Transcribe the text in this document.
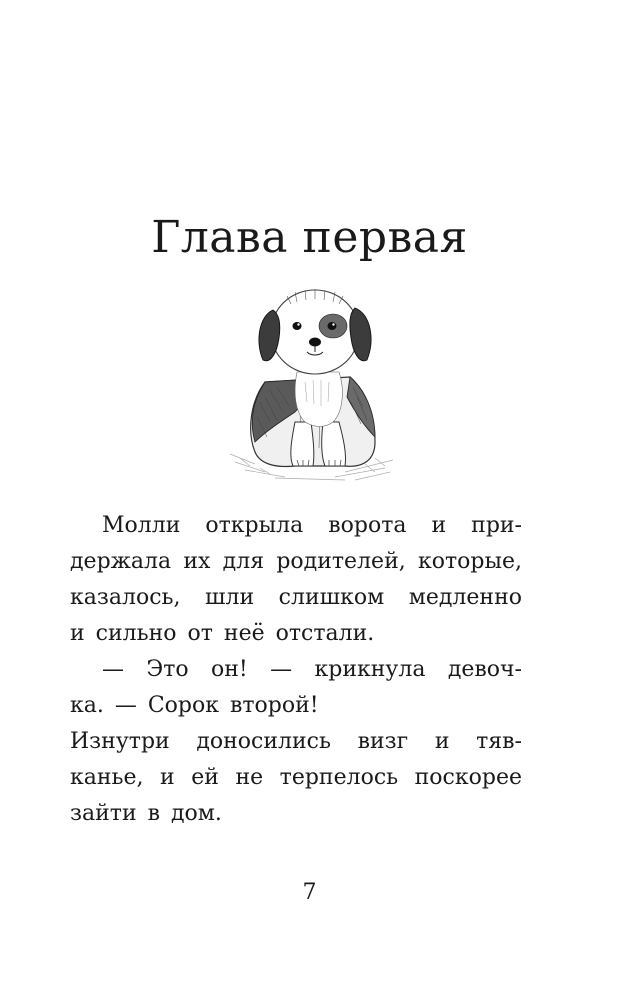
Глава первая

Молли открыла ворота и при-
держала их для родителей, которые,
казалось, шли слишком медленно
и сильно от неё отстали.

— Это он! — крикнула девоч-
ка. — Сорок второй!

Изнутри доносились визг и тяв-
канье, и ей не терпелось поскорее
зайти в дом.

7
